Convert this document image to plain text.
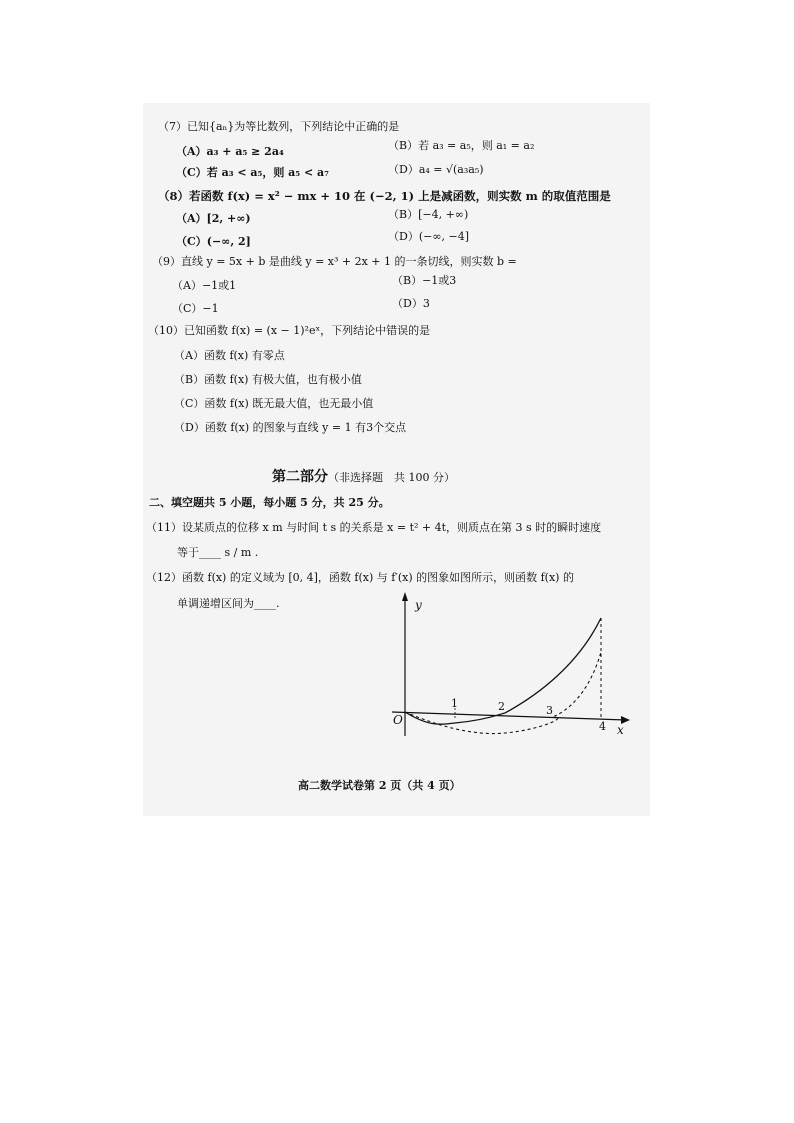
（7）已知{aₙ}为等比数列，下列结论中正确的是
（A）a₃ + a₅ ≥ 2a₄	（B）若 a₃ = a₅，则 a₁ = a₂
（C）若 a₃ < a₅，则 a₅ < a₇	（D）a₄ = √(a₃a₅)
（8）若函数 f(x) = x² − mx + 10 在 (−2, 1) 上是减函数，则实数 m 的取值范围是
（A）[2, +∞)	（B）[−4, +∞)
（C）(−∞, 2]	（D）(−∞, −4]
（9）直线 y = 5x + b 是曲线 y = x³ + 2x + 1 的一条切线，则实数 b =
（A）−1或1	（B）−1或3
（C）−1	（D）3
（10）已知函数 f(x) = (x − 1)²eˣ，下列结论中错误的是
（A）函数 f(x) 有零点
（B）函数 f(x) 有极大值，也有极小值
（C）函数 f(x) 既无最大值，也无最小值
（D）函数 f(x) 的图象与直线 y = 1 有3个交点
第二部分（非选择题　共 100 分）
二、填空题共 5 小题，每小题 5 分，共 25 分。
（11）设某质点的位移 x m 与时间 t s 的关系是 x = t² + 4t，则质点在第 3 s 时的瞬时速度
等于____ s / m .
（12）函数 f(x) 的定义域为 [0, 4]，函数 f(x) 与 f′(x) 的图象如图所示，则函数 f(x) 的
单调递增区间为____.	y
x
O
1	2	3
4
高二数学试卷第 2 页（共 4 页）
